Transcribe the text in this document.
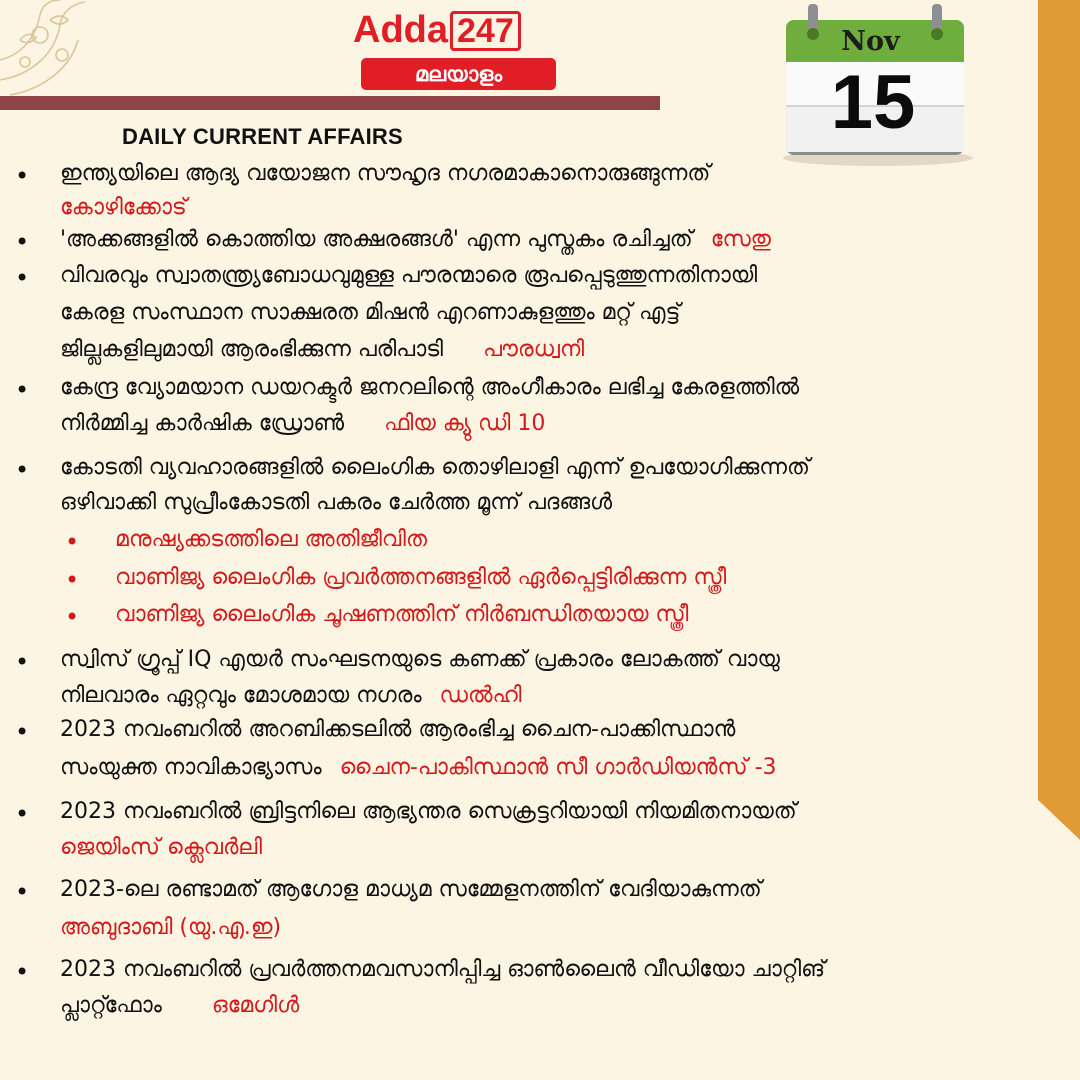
Adda 247
മലയാളം
Nov
15
DAILY CURRENT AFFAIRS
• ഇന്ത്യയിലെ ആദ്യ വയോജന സൗഹൃദ നഗരമാകാനൊരുങ്ങുന്നത്
കോഴിക്കോട്
• 'അക്കങ്ങളിൽ കൊത്തിയ അക്ഷരങ്ങൾ' എന്ന പുസ്തകം രചിച്ചത് സേതു
• വിവരവും സ്വാതന്ത്ര്യബോധവുമുള്ള പൗരന്മാരെ രൂപപ്പെടുത്തുന്നതിനായി
കേരള സംസ്ഥാന സാക്ഷരത മിഷൻ എറണാകുളത്തും മറ്റ് എട്ട്
ജില്ലകളിലുമായി ആരംഭിക്കുന്ന പരിപാടി പൗരധ്വനി
• കേന്ദ്ര വ്യോമയാന ഡയറക്ടർ ജനറലിന്റെ അംഗീകാരം ലഭിച്ച കേരളത്തിൽ
നിർമ്മിച്ച കാർഷിക ഡ്രോൺ ഫിയ ക്യു ഡി 10
• കോടതി വ്യവഹാരങ്ങളിൽ ലൈംഗിക തൊഴിലാളി എന്ന് ഉപയോഗിക്കുന്നത്
ഒഴിവാക്കി സുപ്രീംകോടതി പകരം ചേർത്ത മൂന്ന് പദങ്ങൾ
• മനുഷ്യക്കടത്തിലെ അതിജീവിത
• വാണിജ്യ ലൈംഗിക പ്രവർത്തനങ്ങളിൽ ഏർപ്പെട്ടിരിക്കുന്ന സ്ത്രീ
• വാണിജ്യ ലൈംഗിക ചൂഷണത്തിന് നിർബന്ധിതയായ സ്ത്രീ
• സ്വിസ് ഗ്രൂപ്പ് IQ എയർ സംഘടനയുടെ കണക്ക് പ്രകാരം ലോകത്ത് വായു
നിലവാരം ഏറ്റവും മോശമായ നഗരം ഡൽഹി
• 2023 നവംബറിൽ അറബിക്കടലിൽ ആരംഭിച്ച ചൈന-പാക്കിസ്ഥാൻ
സംയുക്ത നാവികാഭ്യാസം ചൈന-പാകിസ്ഥാൻ സീ ഗാർഡിയൻസ് -3
• 2023 നവംബറിൽ ബ്രിട്ടനിലെ ആഭ്യന്തര സെക്രട്ടറിയായി നിയമിതനായത്
ജെയിംസ് ക്ലെവർലി
• 2023-ലെ രണ്ടാമത് ആഗോള മാധ്യമ സമ്മേളനത്തിന് വേദിയാകുന്നത്
അബുദാബി (യു.എ.ഇ)
• 2023 നവംബറിൽ പ്രവർത്തനമവസാനിപ്പിച്ച ഓൺലൈൻ വീഡിയോ ചാറ്റിങ്
പ്ലാറ്റ്ഫോം ഒമേഗിൾ
